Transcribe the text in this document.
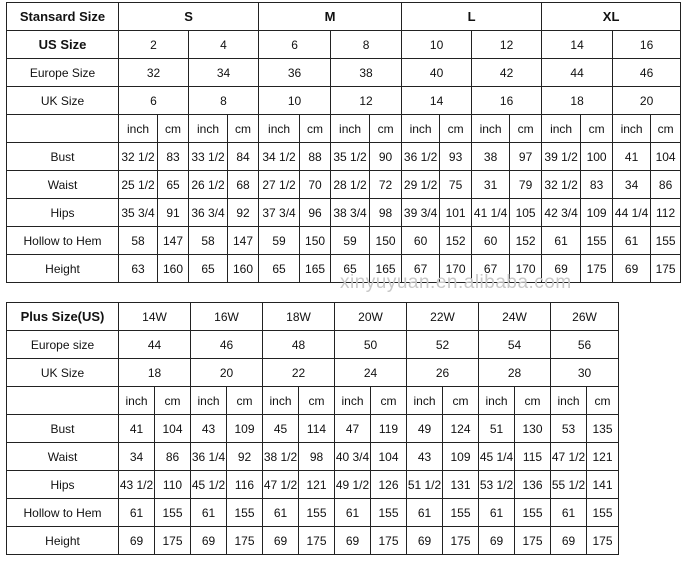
Stansard Size	S				M				L				XL			
US Size	2		4		6		8		10		12		14		16	
Europe Size	32		34		36		38		40		42		44		46	
UK Size	6		8		10		12		14		16		18		20	
	inch	cm	inch	cm	inch	cm	inch	cm	inch	cm	inch	cm	inch	cm	inch	cm
Bust	32 1/2	83	33 1/2	84	34 1/2	88	35 1/2	90	36 1/2	93	38	97	39 1/2	100	41	104
Waist	25 1/2	65	26 1/2	68	27 1/2	70	28 1/2	72	29 1/2	75	31	79	32 1/2	83	34	86
Hips	35 3/4	91	36 3/4	92	37 3/4	96	38 3/4	98	39 3/4	101	41 1/4	105	42 3/4	109	44 1/4	112
Hollow to Hem	58	147	58	147	59	150	59	150	60	152	60	152	61	155	61	155
Height	63	160	65	160	65	165	65	165	67	170	67	170	69	175	69	175
xinyuyuan.en.alibaba.com
Plus Size(US)	14W		16W		18W		20W		22W		24W		26W	
Europe size	44		46		48		50		52		54		56	
UK Size	18		20		22		24		26		28		30	
	inch	cm	inch	cm	inch	cm	inch	cm	inch	cm	inch	cm	inch	cm
Bust	41	104	43	109	45	114	47	119	49	124	51	130	53	135
Waist	34	86	36 1/4	92	38 1/2	98	40 3/4	104	43	109	45 1/4	115	47 1/2	121
Hips	43 1/2	110	45 1/2	116	47 1/2	121	49 1/2	126	51 1/2	131	53 1/2	136	55 1/2	141
Hollow to Hem	61	155	61	155	61	155	61	155	61	155	61	155	61	155
Height	69	175	69	175	69	175	69	175	69	175	69	175	69	175
